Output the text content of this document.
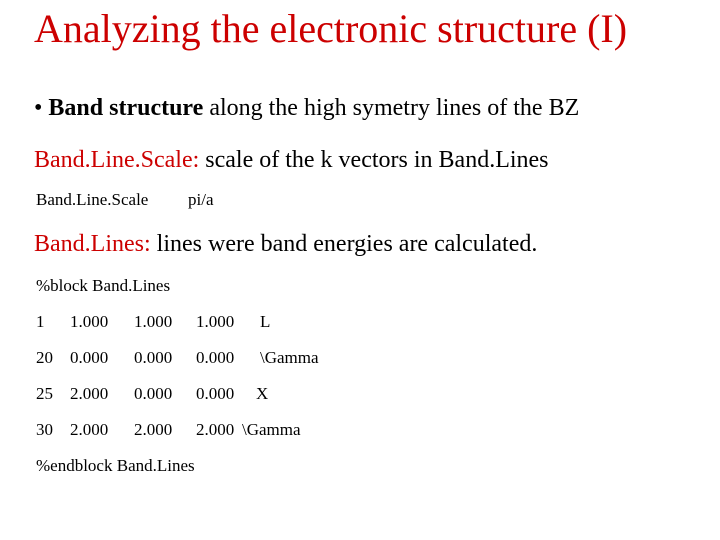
Analyzing the electronic structure (I)
• Band structure along the high symetry lines of the BZ
Band.Line.Scale: scale of the k vectors in Band.Lines
Band.Line.Scale pi/a
Band.Lines: lines were band energies are calculated.
%block Band.Lines
1 1.000 1.000 1.000 L
20 0.000 0.000 0.000 \Gamma
25 2.000 0.000 0.000 X
30 2.000 2.000 2.000 \Gamma
%endblock Band.Lines
